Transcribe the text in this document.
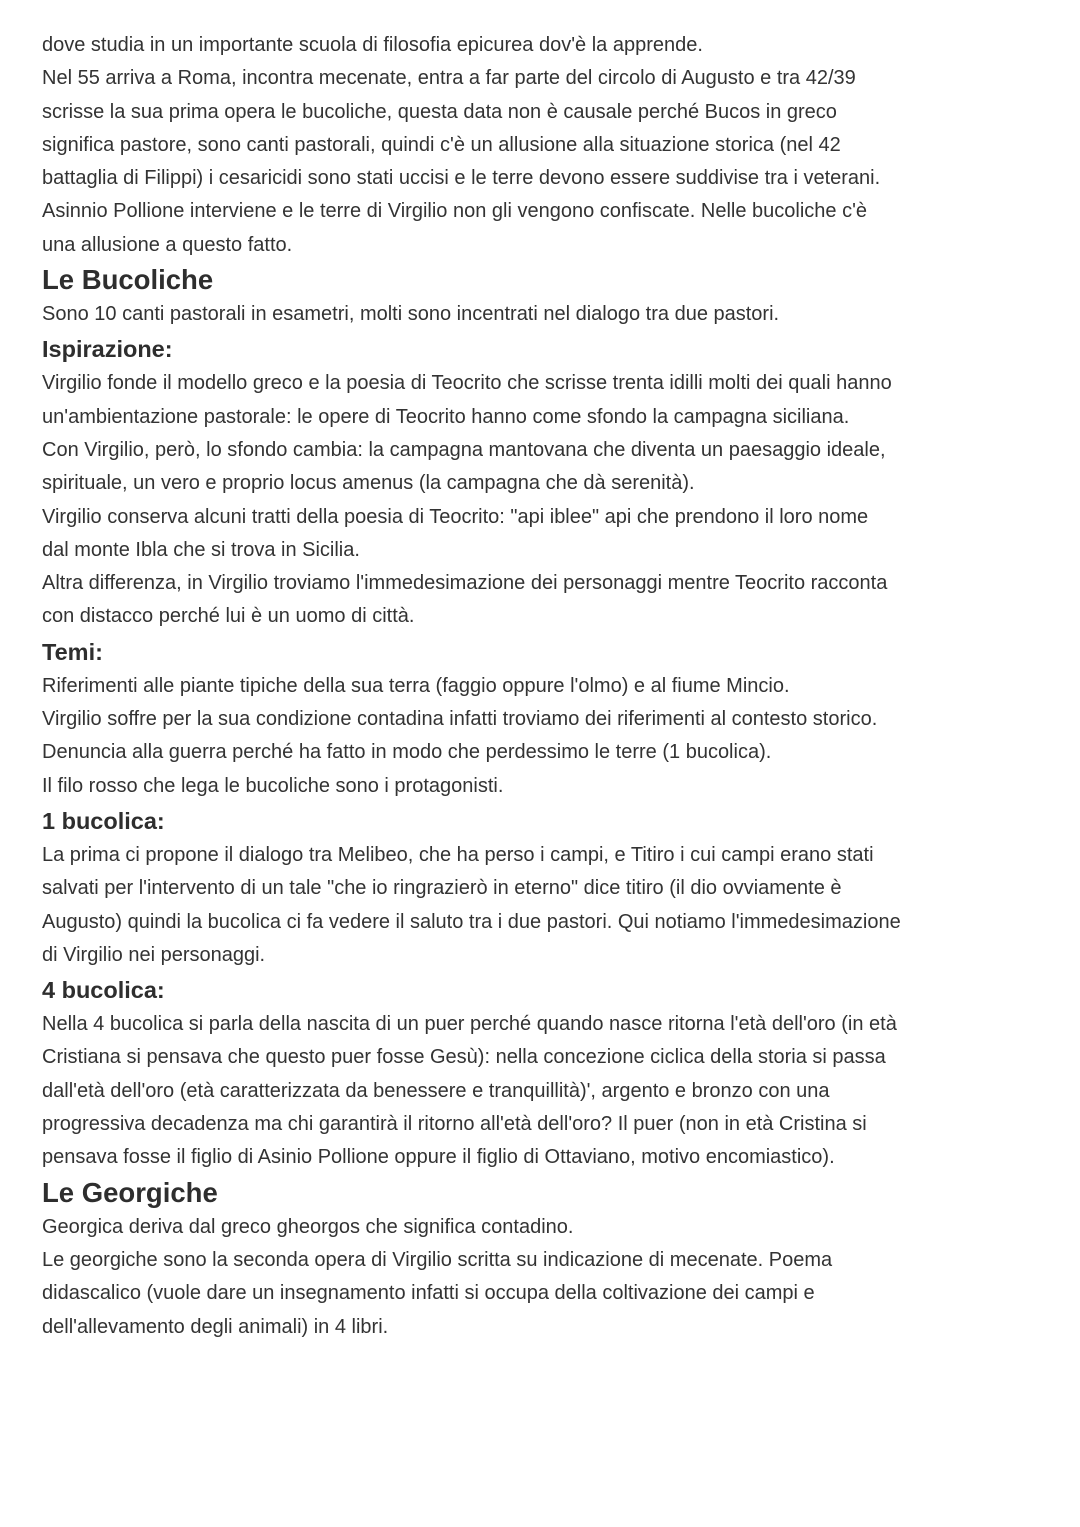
dove studia in un importante scuola di filosofia epicurea dov'è la apprende.

Nel 55 arriva a Roma, incontra mecenate, entra a far parte del circolo di Augusto e tra 42/39

scrisse la sua prima opera le bucoliche, questa data non è causale perché Bucos in greco

significa pastore, sono canti pastorali, quindi c'è un allusione alla situazione storica (nel 42

battaglia di Filippi) i cesaricidi sono stati uccisi e le terre devono essere suddivise tra i veterani.

Asinnio Pollione interviene e le terre di Virgilio non gli vengono confiscate. Nelle bucoliche c'è

una allusione a questo fatto.

Le Bucoliche

Sono 10 canti pastorali in esametri, molti sono incentrati nel dialogo tra due pastori.

Ispirazione:

Virgilio fonde il modello greco e la poesia di Teocrito che scrisse trenta idilli molti dei quali hanno

un'ambientazione pastorale: le opere di Teocrito hanno come sfondo la campagna siciliana.

Con Virgilio, però, lo sfondo cambia: la campagna mantovana che diventa un paesaggio ideale,

spirituale, un vero e proprio locus amenus (la campagna che dà serenità).

Virgilio conserva alcuni tratti della poesia di Teocrito: "api iblee" api che prendono il loro nome

dal monte Ibla che si trova in Sicilia.

Altra differenza, in Virgilio troviamo l'immedesimazione dei personaggi mentre Teocrito racconta

con distacco perché lui è un uomo di città.

Temi:

Riferimenti alle piante tipiche della sua terra (faggio oppure l'olmo) e al fiume Mincio.

Virgilio soffre per la sua condizione contadina infatti troviamo dei riferimenti al contesto storico.

Denuncia alla guerra perché ha fatto in modo che perdessimo le terre (1 bucolica).

Il filo rosso che lega le bucoliche sono i protagonisti.

1 bucolica:

La prima ci propone il dialogo tra Melibeo, che ha perso i campi, e Titiro i cui campi erano stati

salvati per l'intervento di un tale "che io ringrazierò in eterno" dice titiro (il dio ovviamente è

Augusto) quindi la bucolica ci fa vedere il saluto tra i due pastori. Qui notiamo l'immedesimazione

di Virgilio nei personaggi.

4 bucolica:

Nella 4 bucolica si parla della nascita di un puer perché quando nasce ritorna l'età dell'oro (in età

Cristiana si pensava che questo puer fosse Gesù): nella concezione ciclica della storia si passa

dall'età dell'oro (età caratterizzata da benessere e tranquillità)', argento e bronzo con una

progressiva decadenza ma chi garantirà il ritorno all'età dell'oro? Il puer (non in età Cristina si

pensava fosse il figlio di Asinio Pollione oppure il figlio di Ottaviano, motivo encomiastico).

Le Georgiche

Georgica deriva dal greco gheorgos che significa contadino.

Le georgiche sono la seconda opera di Virgilio scritta su indicazione di mecenate. Poema

didascalico (vuole dare un insegnamento infatti si occupa della coltivazione dei campi e

dell'allevamento degli animali) in 4 libri.
